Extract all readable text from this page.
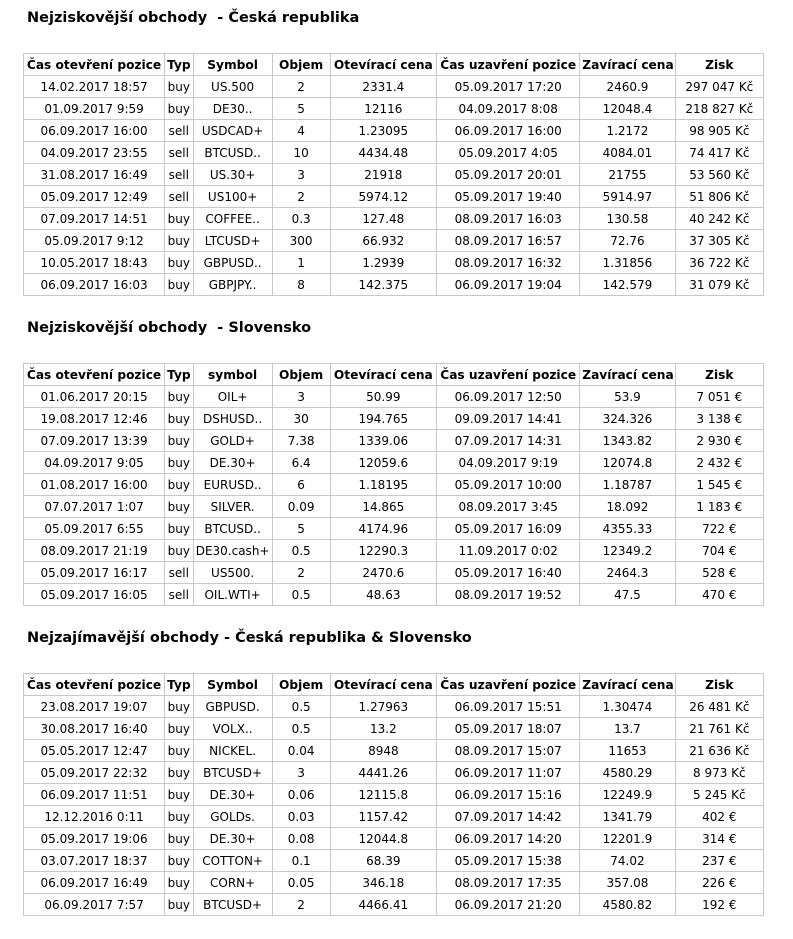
Nejziskovější obchody  - Česká republika
Čas otevření pozice	Typ	Symbol	Objem	Otevírací cena	Čas uzavření pozice	Zavírací cena	Zisk
14.02.2017 18:57	buy	US.500	2	2331.4	05.09.2017 17:20	2460.9	297 047 Kč
01.09.2017 9:59	buy	DE30..	5	12116	04.09.2017 8:08	12048.4	218 827 Kč
06.09.2017 16:00	sell	USDCAD+	4	1.23095	06.09.2017 16:00	1.2172	98 905 Kč
04.09.2017 23:55	sell	BTCUSD..	10	4434.48	05.09.2017 4:05	4084.01	74 417 Kč
31.08.2017 16:49	sell	US.30+	3	21918	05.09.2017 20:01	21755	53 560 Kč
05.09.2017 12:49	sell	US100+	2	5974.12	05.09.2017 19:40	5914.97	51 806 Kč
07.09.2017 14:51	buy	COFFEE..	0.3	127.48	08.09.2017 16:03	130.58	40 242 Kč
05.09.2017 9:12	buy	LTCUSD+	300	66.932	08.09.2017 16:57	72.76	37 305 Kč
10.05.2017 18:43	buy	GBPUSD..	1	1.2939	08.09.2017 16:32	1.31856	36 722 Kč
06.09.2017 16:03	buy	GBPJPY..	8	142.375	06.09.2017 19:04	142.579	31 079 Kč
Nejziskovější obchody  - Slovensko
Čas otevření pozice	Typ	symbol	Objem	Otevírací cena	Čas uzavření pozice	Zavírací cena	Zisk
01.06.2017 20:15	buy	OIL+	3	50.99	06.09.2017 12:50	53.9	7 051 €
19.08.2017 12:46	buy	DSHUSD..	30	194.765	09.09.2017 14:41	324.326	3 138 €
07.09.2017 13:39	buy	GOLD+	7.38	1339.06	07.09.2017 14:31	1343.82	2 930 €
04.09.2017 9:05	buy	DE.30+	6.4	12059.6	04.09.2017 9:19	12074.8	2 432 €
01.08.2017 16:00	buy	EURUSD..	6	1.18195	05.09.2017 10:00	1.18787	1 545 €
07.07.2017 1:07	buy	SILVER.	0.09	14.865	08.09.2017 3:45	18.092	1 183 €
05.09.2017 6:55	buy	BTCUSD..	5	4174.96	05.09.2017 16:09	4355.33	722 €
08.09.2017 21:19	buy	DE30.cash+	0.5	12290.3	11.09.2017 0:02	12349.2	704 €
05.09.2017 16:17	sell	US500.	2	2470.6	05.09.2017 16:40	2464.3	528 €
05.09.2017 16:05	sell	OIL.WTI+	0.5	48.63	08.09.2017 19:52	47.5	470 €
Nejzajímavější obchody - Česká republika & Slovensko
Čas otevření pozice	Typ	Symbol	Objem	Otevírací cena	Čas uzavření pozice	Zavírací cena	Zisk
23.08.2017 19:07	buy	GBPUSD.	0.5	1.27963	06.09.2017 15:51	1.30474	26 481 Kč
30.08.2017 16:40	buy	VOLX..	0.5	13.2	05.09.2017 18:07	13.7	21 761 Kč
05.05.2017 12:47	buy	NICKEL.	0.04	8948	08.09.2017 15:07	11653	21 636 Kč
05.09.2017 22:32	buy	BTCUSD+	3	4441.26	06.09.2017 11:07	4580.29	8 973 Kč
06.09.2017 11:51	buy	DE.30+	0.06	12115.8	06.09.2017 15:16	12249.9	5 245 Kč
12.12.2016 0:11	buy	GOLDs.	0.03	1157.42	07.09.2017 14:42	1341.79	402 €
05.09.2017 19:06	buy	DE.30+	0.08	12044.8	06.09.2017 14:20	12201.9	314 €
03.07.2017 18:37	buy	COTTON+	0.1	68.39	05.09.2017 15:38	74.02	237 €
06.09.2017 16:49	buy	CORN+	0.05	346.18	08.09.2017 17:35	357.08	226 €
06.09.2017 7:57	buy	BTCUSD+	2	4466.41	06.09.2017 21:20	4580.82	192 €
